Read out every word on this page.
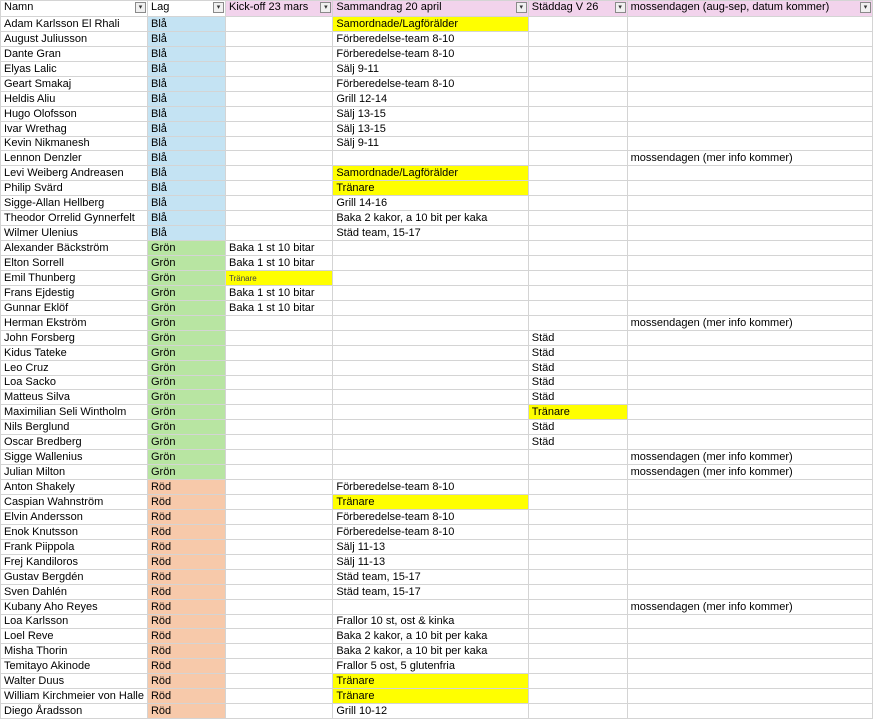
Namn ▾	Lag ▾	Kick-off 23 mars ▾	Sammandrag 20 april ▾	Städdag V 26 ▾	mossendagen (aug-sep, datum kommer) ▾

Adam Karlsson El Rhali	Blå		Samordnade/Lagförälder		
August Juliusson	Blå		Förberedelse-team 8-10		
Dante Gran	Blå		Förberedelse-team 8-10		
Elyas Lalic	Blå		Sälj 9-11		
Geart Smakaj	Blå		Förberedelse-team 8-10		
Heldis Aliu	Blå		Grill 12-14		
Hugo Olofsson	Blå		Sälj 13-15		
Ivar Wrethag	Blå		Sälj 13-15		
Kevin Nikmanesh	Blå		Sälj 9-11		
Lennon Denzler	Blå				mossendagen (mer info kommer)
Levi Weiberg Andreasen	Blå		Samordnade/Lagförälder		
Philip Svärd	Blå		Tränare		
Sigge-Allan Hellberg	Blå		Grill 14-16		
Theodor Orrelid Gynnerfelt	Blå		Baka 2 kakor, a 10 bit per kaka		
Wilmer Ulenius	Blå		Städ team, 15-17		
Alexander Bäckström	Grön	Baka 1 st 10 bitar			
Elton Sorrell	Grön	Baka 1 st 10 bitar			
Emil Thunberg	Grön	Tränare			
Frans Ejdestig	Grön	Baka 1 st 10 bitar			
Gunnar Eklöf	Grön	Baka 1 st 10 bitar			
Herman Ekström	Grön				mossendagen (mer info kommer)
John Forsberg	Grön			Städ	
Kidus Tateke	Grön			Städ	
Leo Cruz	Grön			Städ	
Loa Sacko	Grön			Städ	
Matteus Silva	Grön			Städ	
Maximilian Seli Wintholm	Grön			Tränare	
Nils Berglund	Grön			Städ	
Oscar Bredberg	Grön			Städ	
Sigge Wallenius	Grön				mossendagen (mer info kommer)
Julian Milton	Grön				mossendagen (mer info kommer)
Anton Shakely	Röd		Förberedelse-team 8-10		
Caspian Wahnström	Röd		Tränare		
Elvin Andersson	Röd		Förberedelse-team 8-10		
Enok Knutsson	Röd		Förberedelse-team 8-10		
Frank Piippola	Röd		Sälj 11-13		
Frej Kandiloros	Röd		Sälj 11-13		
Gustav Bergdén	Röd		Städ team, 15-17		
Sven Dahlén	Röd		Städ team, 15-17		
Kubany Aho Reyes	Röd				mossendagen (mer info kommer)
Loa Karlsson	Röd		Frallor 10 st, ost & kinka		
Loel Reve	Röd		Baka 2 kakor, a 10 bit per kaka		
Misha Thorin	Röd		Baka 2 kakor, a 10 bit per kaka		
Temitayo Akinode	Röd		Frallor 5 ost, 5 glutenfria		
Walter Duus	Röd		Tränare		
William Kirchmeier von Halle	Röd		Tränare		
Diego Åradsson	Röd		Grill 10-12		
